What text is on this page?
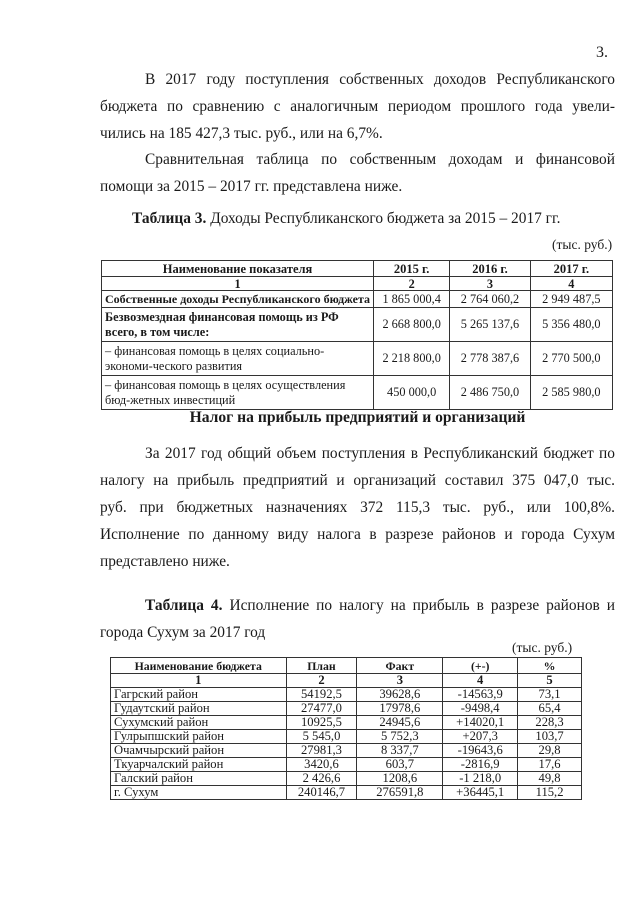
3.
В 2017 году поступления собственных доходов Республиканского
бюджета по сравнению с аналогичным периодом прошлого года увели-
чились на 185 427,3 тыс. руб., или на 6,7%.
Сравнительная таблица по собственным доходам и финансовой
помощи за 2015 – 2017 гг. представлена ниже.
Таблица 3. Доходы Республиканского бюджета за 2015 – 2017 гг.
(тыс. руб.)
Наименование показателя	2015 г.	2016 г.	2017 г.
1	2	3	4
Собственные доходы Республиканского бюджета	1 865 000,4	2 764 060,2	2 949 487,5
Безвозмездная финансовая помощь из РФ всего, в том числе:	2 668 800,0	5 265 137,6	5 356 480,0
– финансовая помощь в целях социально-экономи-ческого развития	2 218 800,0	2 778 387,6	2 770 500,0
– финансовая помощь в целях осуществления бюд-жетных инвестиций	450 000,0	2 486 750,0	2 585 980,0
Налог на прибыль предприятий и организаций
За 2017 год общий объем поступления в Республиканский бюджет по
налогу на прибыль предприятий и организаций составил 375 047,0 тыс.
руб. при бюджетных назначениях 372 115,3 тыс. руб., или 100,8%.
Исполнение по данному виду налога в разрезе районов и города Сухум
представлено ниже.
Таблица 4. Исполнение по налогу на прибыль в разрезе районов и
города Сухум за 2017 год
(тыс. руб.)
Наименование бюджета	План	Факт	(+-)	%
1	2	3	4	5
Гагрский район	54192,5	39628,6	-14563,9	73,1
Гудаутский район	27477,0	17978,6	-9498,4	65,4
Сухумский район	10925,5	24945,6	+14020,1	228,3
Гулрыпшский район	5 545,0	5 752,3	+207,3	103,7
Очамчырский район	27981,3	8 337,7	-19643,6	29,8
Ткуарчалский район	3420,6	603,7	-2816,9	17,6
Галский район	2 426,6	1208,6	-1 218,0	49,8
г. Сухум	240146,7	276591,8	+36445,1	115,2
